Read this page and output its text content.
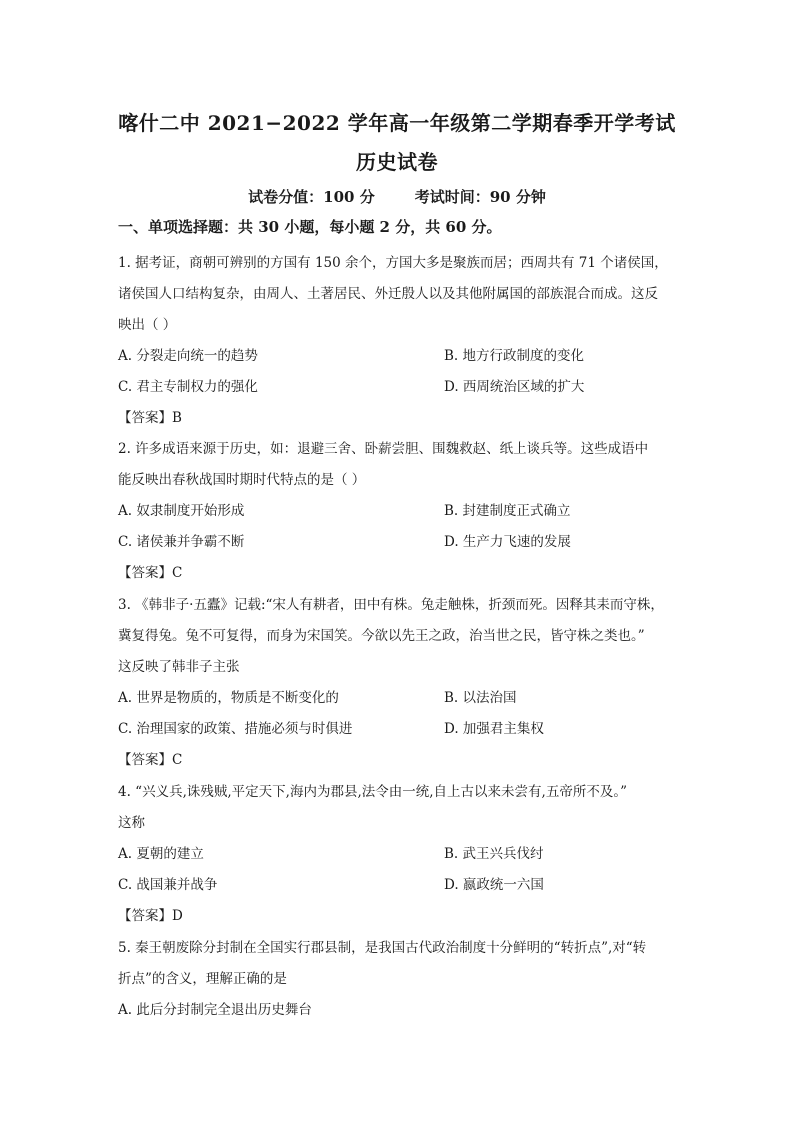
喀什二中 2021−2022 学年高一年级第二学期春季开学考试
历史试卷
试卷分值：100 分	考试时间：90 分钟
一、单项选择题：共 30 小题，每小题 2 分，共 60 分。
1. 据考证，商朝可辨别的方国有 150 余个，方国大多是聚族而居；西周共有 71 个诸侯国，
诸侯国人口结构复杂，由周人、土著居民、外迁殷人以及其他附属国的部族混合而成。这反
映出（ ）
A. 分裂走向统一的趋势	B. 地方行政制度的变化
C. 君主专制权力的强化	D. 西周统治区域的扩大
【答案】B
2. 许多成语来源于历史，如：退避三舍、卧薪尝胆、围魏救赵、纸上谈兵等。这些成语中
能反映出春秋战国时期时代特点的是（ ）
A. 奴隶制度开始形成	B. 封建制度正式确立
C. 诸侯兼并争霸不断	D. 生产力飞速的发展
【答案】C
3. 《韩非子·五蠹》记载:“宋人有耕者，田中有株。兔走触株，折颈而死。因释其耒而守株，
冀复得兔。兔不可复得，而身为宋国笑。今欲以先王之政，治当世之民，皆守株之类也。”
这反映了韩非子主张
A. 世界是物质的，物质是不断变化的	B. 以法治国
C. 治理国家的政策、措施必须与时俱进	D. 加强君主集权
【答案】C
4. “兴义兵,诛残贼,平定天下,海内为郡县,法令由一统,自上古以来未尝有,五帝所不及。”
这称
A. 夏朝的建立	B. 武王兴兵伐纣
C. 战国兼并战争	D. 嬴政统一六国
【答案】D
5. 秦王朝废除分封制在全国实行郡县制，是我国古代政治制度十分鲜明的“转折点”,对“转
折点”的含义，理解正确的是
A. 此后分封制完全退出历史舞台
